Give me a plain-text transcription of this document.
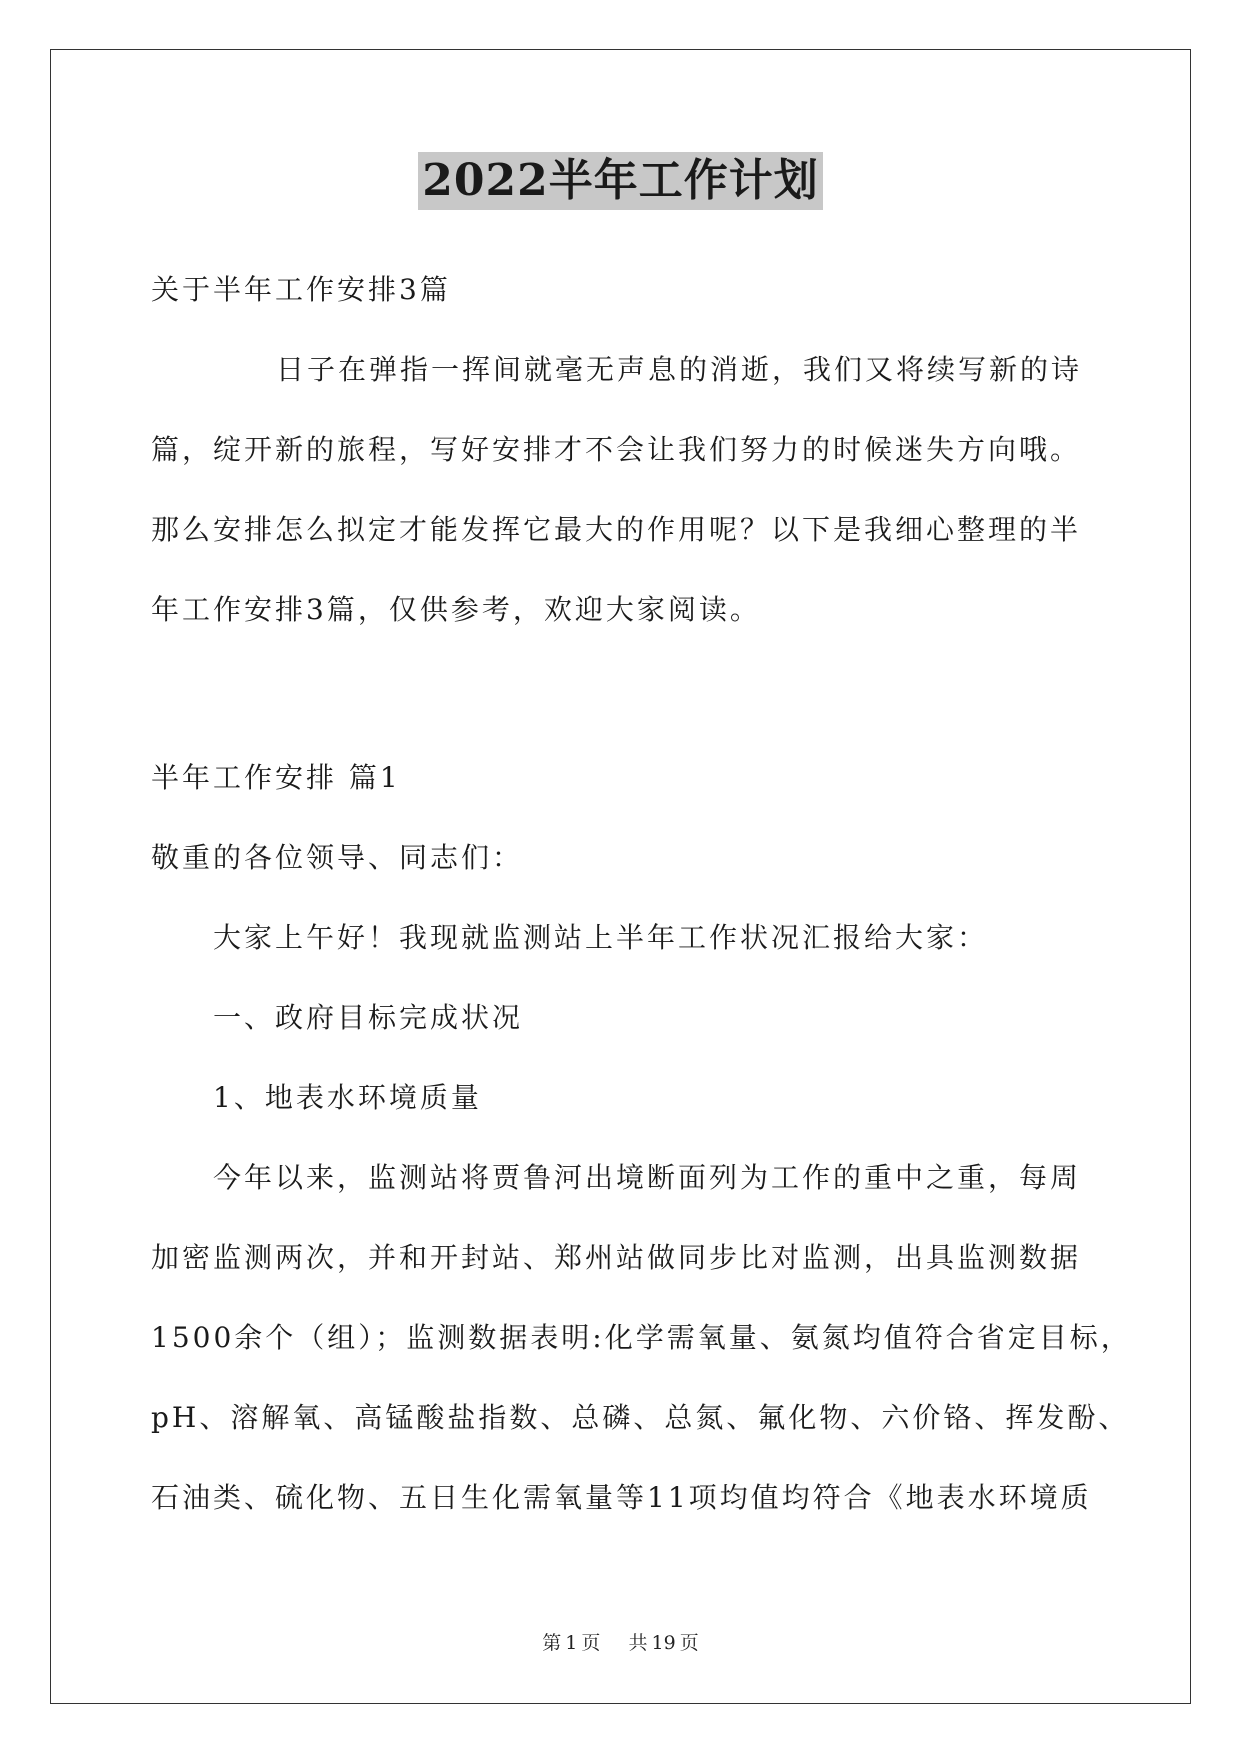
2022半年工作计划
关于半年工作安排3篇
日子在弹指一挥间就毫无声息的消逝，我们又将续写新的诗
篇，绽开新的旅程，写好安排才不会让我们努力的时候迷失方向哦。
那么安排怎么拟定才能发挥它最大的作用呢？以下是我细心整理的半
年工作安排3篇，仅供参考，欢迎大家阅读。
半年工作安排 篇1
敬重的各位领导、同志们：
大家上午好！我现就监测站上半年工作状况汇报给大家：
一、政府目标完成状况
1、地表水环境质量
今年以来，监测站将贾鲁河出境断面列为工作的重中之重，每周
加密监测两次，并和开封站、郑州站做同步比对监测，出具监测数据
1500余个（组）；监测数据表明:化学需氧量、氨氮均值符合省定目标，
pH、溶解氧、高锰酸盐指数、总磷、总氮、氟化物、六价铬、挥发酚、
石油类、硫化物、五日生化需氧量等11项均值均符合《地表水环境质
第 1 页 共 19 页
